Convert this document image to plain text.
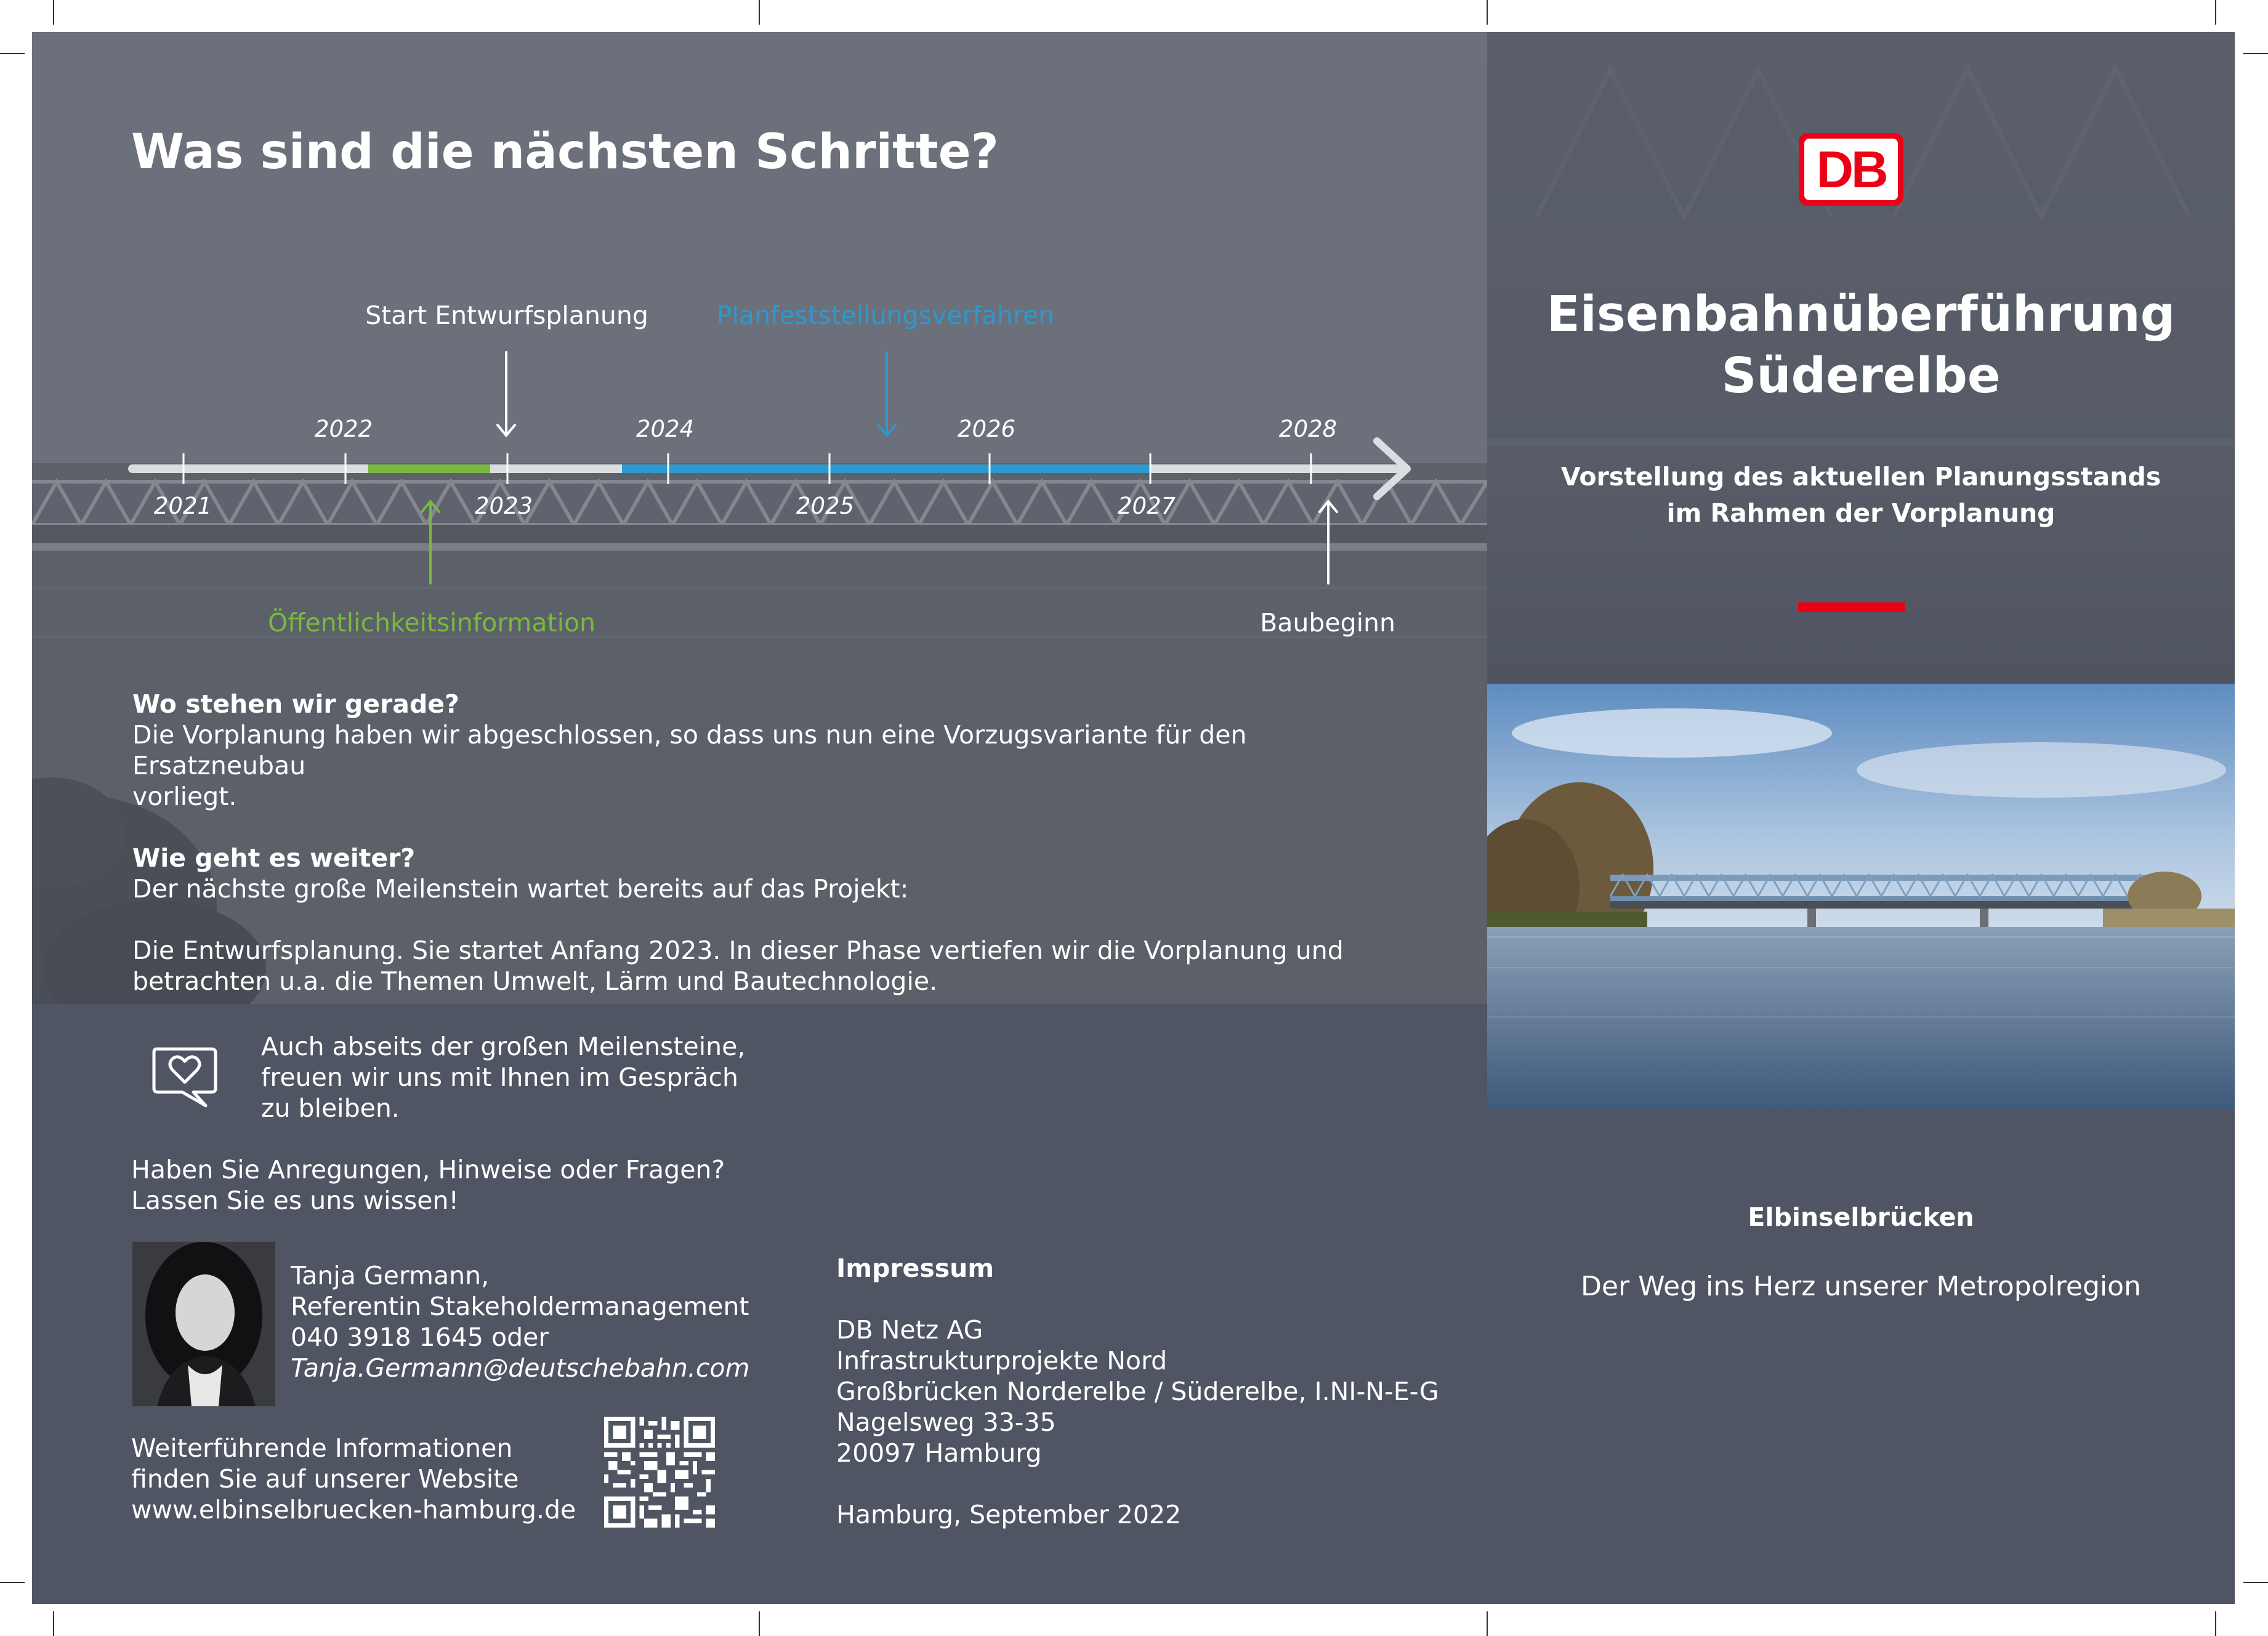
Was sind die nächsten Schritte?
2022	2024	2026	2028
2021	2023	2025	2027
Start Entwurfsplanung	Planfeststellungsverfahren
Öffentlichkeitsinformation	Baubeginn
Wo stehen wir gerade?
Die Vorplanung haben wir abgeschlossen, so dass uns nun eine Vorzugsvariante für den Ersatzneubau
vorliegt.
Wie geht es weiter?
Der nächste große Meilenstein wartet bereits auf das Projekt:
Die Entwurfsplanung. Sie startet Anfang 2023. In dieser Phase vertiefen wir die Vorplanung und
betrachten u.a. die Themen Umwelt, Lärm und Bautechnologie.
Auch abseits der großen Meilensteine,
freuen wir uns mit Ihnen im Gespräch
zu bleiben.
Haben Sie Anregungen, Hinweise oder Fragen?
Lassen Sie es uns wissen!
Tanja Germann,
Referentin Stakeholdermanagement
040 3918 1645 oder
Tanja.Germann@deutschebahn.com
Weiterführende Informationen
finden Sie auf unserer Website
www.elbinselbruecken-hamburg.de
Impressum
DB Netz AG
Infrastrukturprojekte Nord
Großbrücken Norderelbe / Süderelbe, I.NI-N-E-G
Nagelsweg 33-35
20097 Hamburg
Hamburg, September 2022
DB
Eisenbahnüberführung
Süderelbe
Vorstellung des aktuellen Planungsstands
im Rahmen der Vorplanung
Elbinselbrücken
Der Weg ins Herz unserer Metropolregion
